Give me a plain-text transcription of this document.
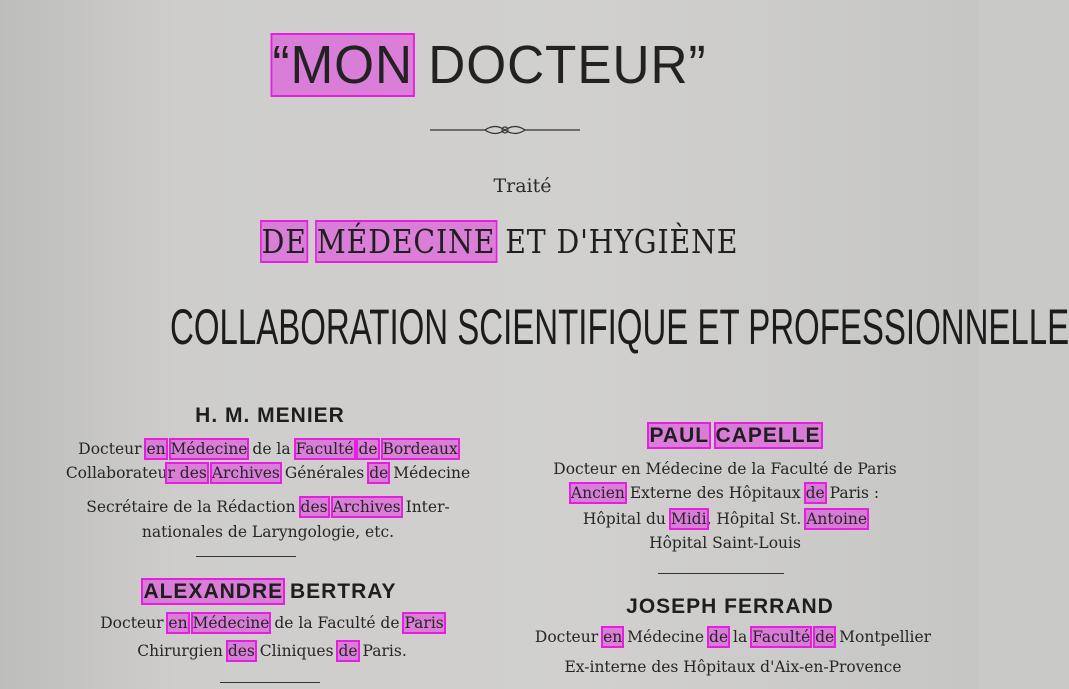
“MON DOCTEUR”
Traité
DE MÉDECINE ET D'HYGIÈNE
COLLABORATION SCIENTIFIQUE ET PROFESSIONNELLE
H. M. MENIER
Docteur en Médecine de la Faculté de Bordeaux
Collaborateur des Archives Générales de Médecine
Secrétaire de la Rédaction des Archives Inter-
nationales de Laryngologie, etc.
PAUL CAPELLE
Docteur en Médecine de la Faculté de Paris
Ancien Externe des Hôpitaux de Paris :
Hôpital du Midi, Hôpital St. Antoine
Hôpital Saint-Louis
ALEXANDRE BERTRAY
Docteur en Médecine de la Faculté de Paris
Chirurgien des Cliniques de Paris.
JOSEPH FERRAND
Docteur en Médecine de la Faculté de Montpellier
Ex-interne des Hôpitaux d'Aix-en-Provence
